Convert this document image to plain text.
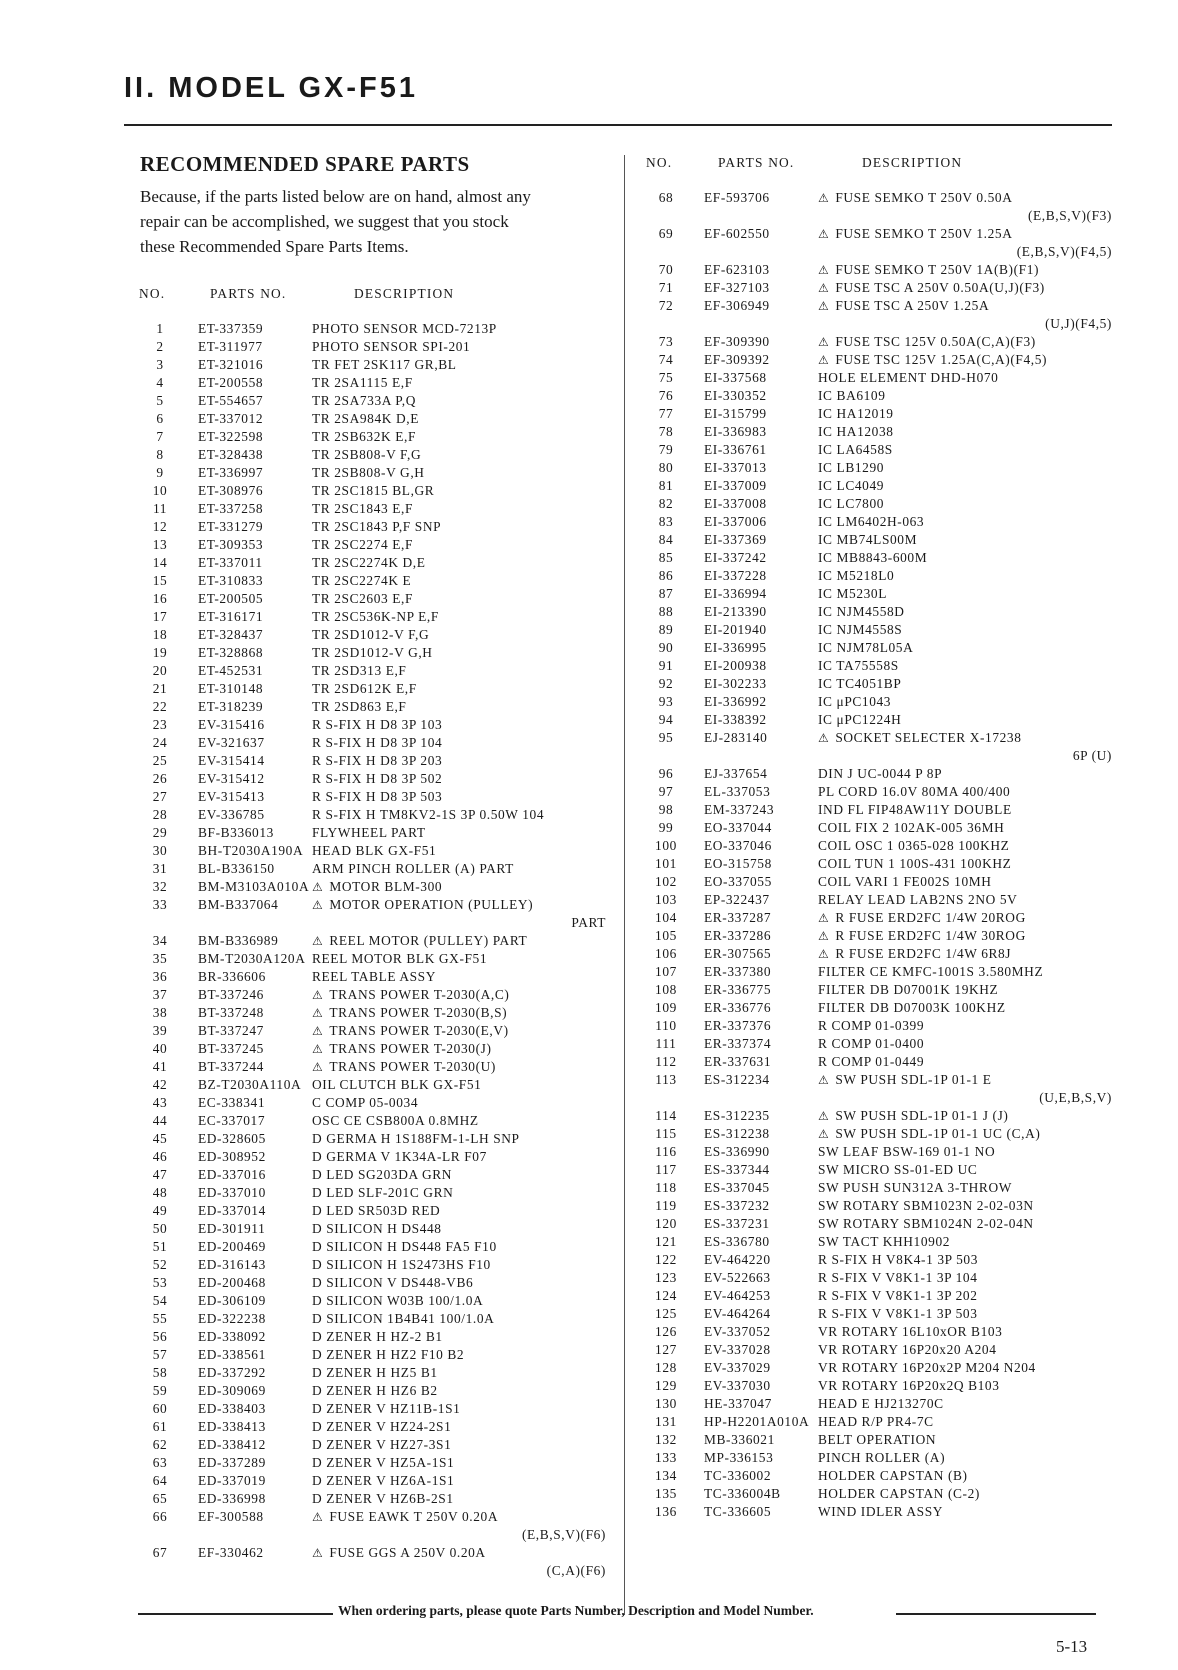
II. MODEL GX-F51
RECOMMENDED SPARE PARTS
Because, if the parts listed below are on hand, almost any
repair can be accomplished, we suggest that you stock
these Recommended Spare Parts Items.
NO.	PARTS NO.	DESCRIPTION
NO.	PARTS NO.	DESCRIPTION
1	ET-337359	PHOTO SENSOR MCD-7213P
2	ET-311977	PHOTO SENSOR SPI-201
3	ET-321016	TR FET 2SK117 GR,BL
4	ET-200558	TR 2SA1115 E,F
5	ET-554657	TR 2SA733A P,Q
6	ET-337012	TR 2SA984K D,E
7	ET-322598	TR 2SB632K E,F
8	ET-328438	TR 2SB808-V F,G
9	ET-336997	TR 2SB808-V G,H
10	ET-308976	TR 2SC1815 BL,GR
11	ET-337258	TR 2SC1843 E,F
12	ET-331279	TR 2SC1843 P,F SNP
13	ET-309353	TR 2SC2274 E,F
14	ET-337011	TR 2SC2274K D,E
15	ET-310833	TR 2SC2274K E
16	ET-200505	TR 2SC2603 E,F
17	ET-316171	TR 2SC536K-NP E,F
18	ET-328437	TR 2SD1012-V F,G
19	ET-328868	TR 2SD1012-V G,H
20	ET-452531	TR 2SD313 E,F
21	ET-310148	TR 2SD612K E,F
22	ET-318239	TR 2SD863 E,F
23	EV-315416	R S-FIX H D8 3P 103
24	EV-321637	R S-FIX H D8 3P 104
25	EV-315414	R S-FIX H D8 3P 203
26	EV-315412	R S-FIX H D8 3P 502
27	EV-315413	R S-FIX H D8 3P 503
28	EV-336785	R S-FIX H TM8KV2-1S 3P 0.50W 104
29	BF-B336013	FLYWHEEL PART
30	BH-T2030A190A HEAD BLK GX-F51
31	BL-B336150	ARM PINCH ROLLER (A) PART
32	BM-M3103A010A ⚠ MOTOR BLM-300
33	BM-B337064	⚠ MOTOR OPERATION (PULLEY)
PART
34	BM-B336989	⚠ REEL MOTOR (PULLEY) PART
35	BM-T2030A120A REEL MOTOR BLK GX-F51
36	BR-336606	REEL TABLE ASSY
37	BT-337246	⚠ TRANS POWER T-2030(A,C)
38	BT-337248	⚠ TRANS POWER T-2030(B,S)
39	BT-337247	⚠ TRANS POWER T-2030(E,V)
40	BT-337245	⚠ TRANS POWER T-2030(J)
41	BT-337244	⚠ TRANS POWER T-2030(U)
42	BZ-T2030A110A OIL CLUTCH BLK GX-F51
43	EC-338341	C COMP 05-0034
44	EC-337017	OSC CE CSB800A 0.8MHZ
45	ED-328605	D GERMA H 1S188FM-1-LH SNP
46	ED-308952	D GERMA V 1K34A-LR F07
47	ED-337016	D LED SG203DA GRN
48	ED-337010	D LED SLF-201C GRN
49	ED-337014	D LED SR503D RED
50	ED-301911	D SILICON H DS448
51	ED-200469	D SILICON H DS448 FA5 F10
52	ED-316143	D SILICON H 1S2473HS F10
53	ED-200468	D SILICON V DS448-VB6
54	ED-306109	D SILICON W03B 100/1.0A
55	ED-322238	D SILICON 1B4B41 100/1.0A
56	ED-338092	D ZENER H HZ-2 B1
57	ED-338561	D ZENER H HZ2 F10 B2
58	ED-337292	D ZENER H HZ5 B1
59	ED-309069	D ZENER H HZ6 B2
60	ED-338403	D ZENER V HZ11B-1S1
61	ED-338413	D ZENER V HZ24-2S1
62	ED-338412	D ZENER V HZ27-3S1
63	ED-337289	D ZENER V HZ5A-1S1
64	ED-337019	D ZENER V HZ6A-1S1
65	ED-336998	D ZENER V HZ6B-2S1
66	EF-300588	⚠ FUSE EAWK T 250V 0.20A
(E,B,S,V)(F6)
67	EF-330462	⚠ FUSE GGS A 250V 0.20A
(C,A)(F6)
68	EF-593706	⚠ FUSE SEMKO T 250V 0.50A
(E,B,S,V)(F3)
69	EF-602550	⚠ FUSE SEMKO T 250V 1.25A
(E,B,S,V)(F4,5)
70	EF-623103	⚠ FUSE SEMKO T 250V 1A(B)(F1)
71	EF-327103	⚠ FUSE TSC A 250V 0.50A(U,J)(F3)
72	EF-306949	⚠ FUSE TSC A 250V 1.25A
(U,J)(F4,5)
73	EF-309390	⚠ FUSE TSC 125V 0.50A(C,A)(F3)
74	EF-309392	⚠ FUSE TSC 125V 1.25A(C,A)(F4,5)
75	EI-337568	HOLE ELEMENT DHD-H070
76	EI-330352	IC BA6109
77	EI-315799	IC HA12019
78	EI-336983	IC HA12038
79	EI-336761	IC LA6458S
80	EI-337013	IC LB1290
81	EI-337009	IC LC4049
82	EI-337008	IC LC7800
83	EI-337006	IC LM6402H-063
84	EI-337369	IC MB74LS00M
85	EI-337242	IC MB8843-600M
86	EI-337228	IC M5218L0
87	EI-336994	IC M5230L
88	EI-213390	IC NJM4558D
89	EI-201940	IC NJM4558S
90	EI-336995	IC NJM78L05A
91	EI-200938	IC TA75558S
92	EI-302233	IC TC4051BP
93	EI-336992	IC μPC1043
94	EI-338392	IC μPC1224H
95	EJ-283140	⚠ SOCKET SELECTER X-17238
6P (U)
96	EJ-337654	DIN J UC-0044 P 8P
97	EL-337053	PL CORD 16.0V 80MA 400/400
98	EM-337243	IND FL FIP48AW11Y DOUBLE
99	EO-337044	COIL FIX 2 102AK-005 36MH
100 EO-337046	COIL OSC 1 0365-028 100KHZ
101 EO-315758	COIL TUN 1 100S-431 100KHZ
102 EO-337055	COIL VARI 1 FE002S 10MH
103 EP-322437	RELAY LEAD LAB2NS 2NO 5V
104 ER-337287	⚠ R FUSE ERD2FC 1/4W 20ROG
105 ER-337286	⚠ R FUSE ERD2FC 1/4W 30ROG
106 ER-307565	⚠ R FUSE ERD2FC 1/4W 6R8J
107 ER-337380	FILTER CE KMFC-1001S 3.580MHZ
108 ER-336775	FILTER DB D07001K 19KHZ
109 ER-336776	FILTER DB D07003K 100KHZ
110 ER-337376	R COMP 01-0399
111 ER-337374	R COMP 01-0400
112 ER-337631	R COMP 01-0449
113 ES-312234	⚠ SW PUSH SDL-1P 01-1 E
(U,E,B,S,V)
114 ES-312235	⚠ SW PUSH SDL-1P 01-1 J (J)
115 ES-312238	⚠ SW PUSH SDL-1P 01-1 UC (C,A)
116 ES-336990	SW LEAF BSW-169 01-1 NO
117 ES-337344	SW MICRO SS-01-ED UC
118 ES-337045	SW PUSH SUN312A 3-THROW
119 ES-337232	SW ROTARY SBM1023N 2-02-03N
120 ES-337231	SW ROTARY SBM1024N 2-02-04N
121 ES-336780	SW TACT KHH10902
122 EV-464220	R S-FIX H V8K4-1 3P 503
123 EV-522663	R S-FIX V V8K1-1 3P 104
124 EV-464253	R S-FIX V V8K1-1 3P 202
125 EV-464264	R S-FIX V V8K1-1 3P 503
126 EV-337052	VR ROTARY 16L10xOR B103
127 EV-337028	VR ROTARY 16P20x20 A204
128 EV-337029	VR ROTARY 16P20x2P M204 N204
129 EV-337030	VR ROTARY 16P20x2Q B103
130 HE-337047	HEAD E HJ213270C
131 HP-H2201A010A HEAD R/P PR4-7C
132 MB-336021	BELT OPERATION
133 MP-336153	PINCH ROLLER (A)
134 TC-336002	HOLDER CAPSTAN (B)
135 TC-336004B	HOLDER CAPSTAN (C-2)
136 TC-336605	WIND IDLER ASSY
When ordering parts, please quote Parts Number, Description and Model Number.
5-13
